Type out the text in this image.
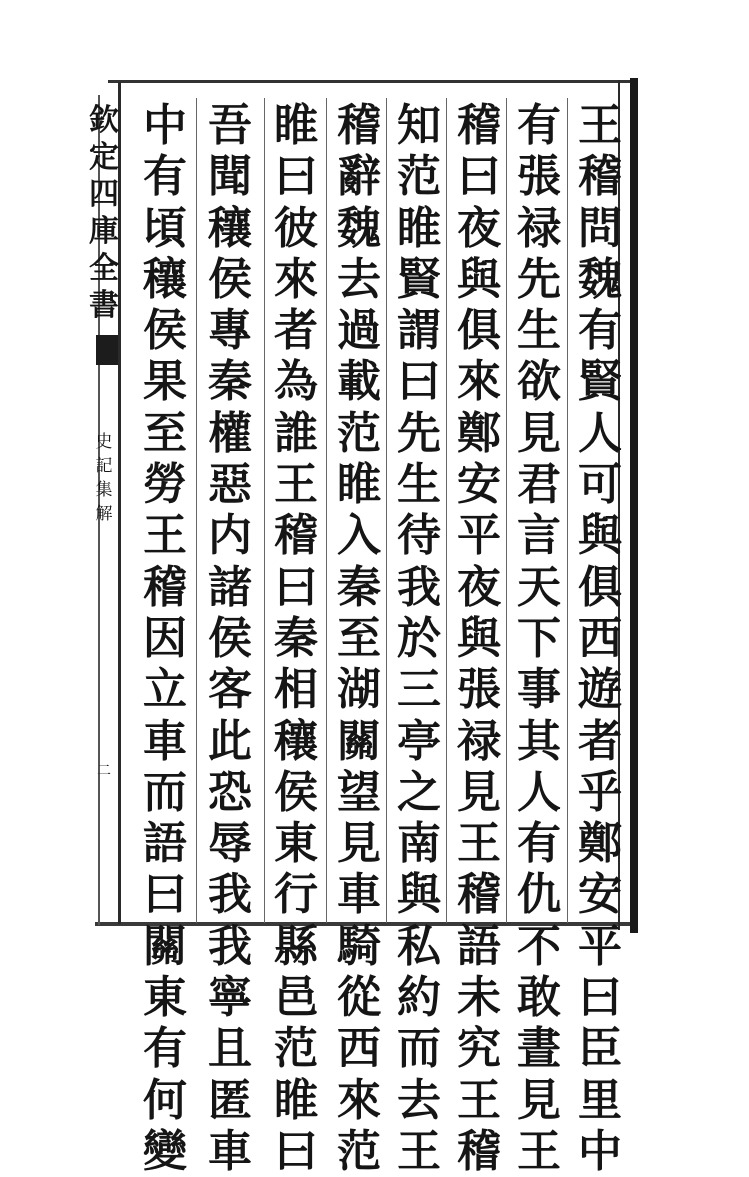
欽
定
四
庫
全
書
史
記
集
解
二
王
稽
問
魏
有
賢
人
可
與
俱
西
遊
者
乎
鄭
安
平
曰
臣
里
中
有
張
禄
先
生
欲
見
君
言
天
下
事
其
人
有
仇
不
敢
晝
見
王
稽
曰
夜
與
俱
來
鄭
安
平
夜
與
張
禄
見
王
稽
語
未
究
王
稽
知
范
睢
賢
謂
曰
先
生
待
我
於
三
亭
之
南
與
私
約
而
去
王
稽
辭
魏
去
過
載
范
睢
入
秦
至
湖
關
望
見
車
騎
從
西
來
范
睢
曰
彼
來
者
為
誰
王
稽
曰
秦
相
穰
侯
東
行
縣
邑
范
睢
曰
吾
聞
穰
侯
專
秦
權
惡
内
諸
侯
客
此
恐
辱
我
我
寧
且
匿
車
中
有
頃
穰
侯
果
至
勞
王
稽
因
立
車
而
語
曰
關
東
有
何
變
